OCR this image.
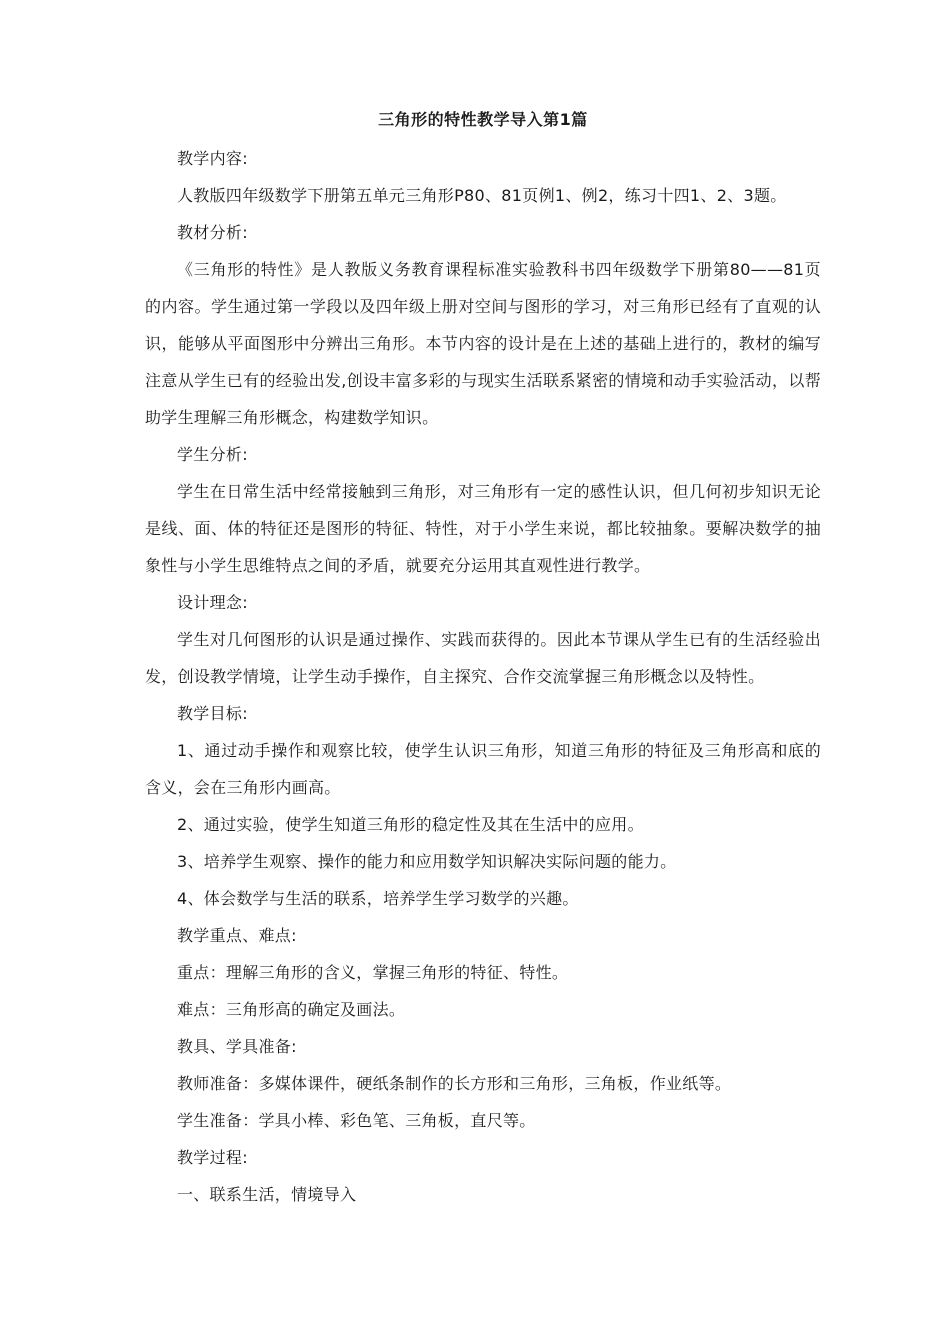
三角形的特性教学导入第1篇

教学内容:

人教版四年级数学下册第五单元三角形P80、81页例1、例2，练习十四1、2、3题。

教材分析:

《三角形的特性》是人教版义务教育课程标准实验教科书四年级数学下册第80——81页的内容。学生通过第一学段以及四年级上册对空间与图形的学习，对三角形已经有了直观的认识，能够从平面图形中分辨出三角形。本节内容的设计是在上述的基础上进行的，教材的编写注意从学生已有的经验出发,创设丰富多彩的与现实生活联系紧密的情境和动手实验活动，以帮助学生理解三角形概念，构建数学知识。

学生分析:

学生在日常生活中经常接触到三角形，对三角形有一定的感性认识，但几何初步知识无论是线、面、体的特征还是图形的特征、特性，对于小学生来说，都比较抽象。要解决数学的抽象性与小学生思维特点之间的矛盾，就要充分运用其直观性进行教学。

设计理念:

学生对几何图形的认识是通过操作、实践而获得的。因此本节课从学生已有的生活经验出发，创设教学情境，让学生动手操作，自主探究、合作交流掌握三角形概念以及特性。

教学目标:

1、通过动手操作和观察比较，使学生认识三角形，知道三角形的特征及三角形高和底的含义，会在三角形内画高。

2、通过实验，使学生知道三角形的稳定性及其在生活中的应用。

3、培养学生观察、操作的能力和应用数学知识解决实际问题的能力。

4、体会数学与生活的联系，培养学生学习数学的兴趣。

教学重点、难点:

重点：理解三角形的含义，掌握三角形的特征、特性。

难点：三角形高的确定及画法。

教具、学具准备:

教师准备：多媒体课件，硬纸条制作的长方形和三角形，三角板，作业纸等。

学生准备：学具小棒、彩色笔、三角板，直尺等。

教学过程:

一、联系生活，情境导入
